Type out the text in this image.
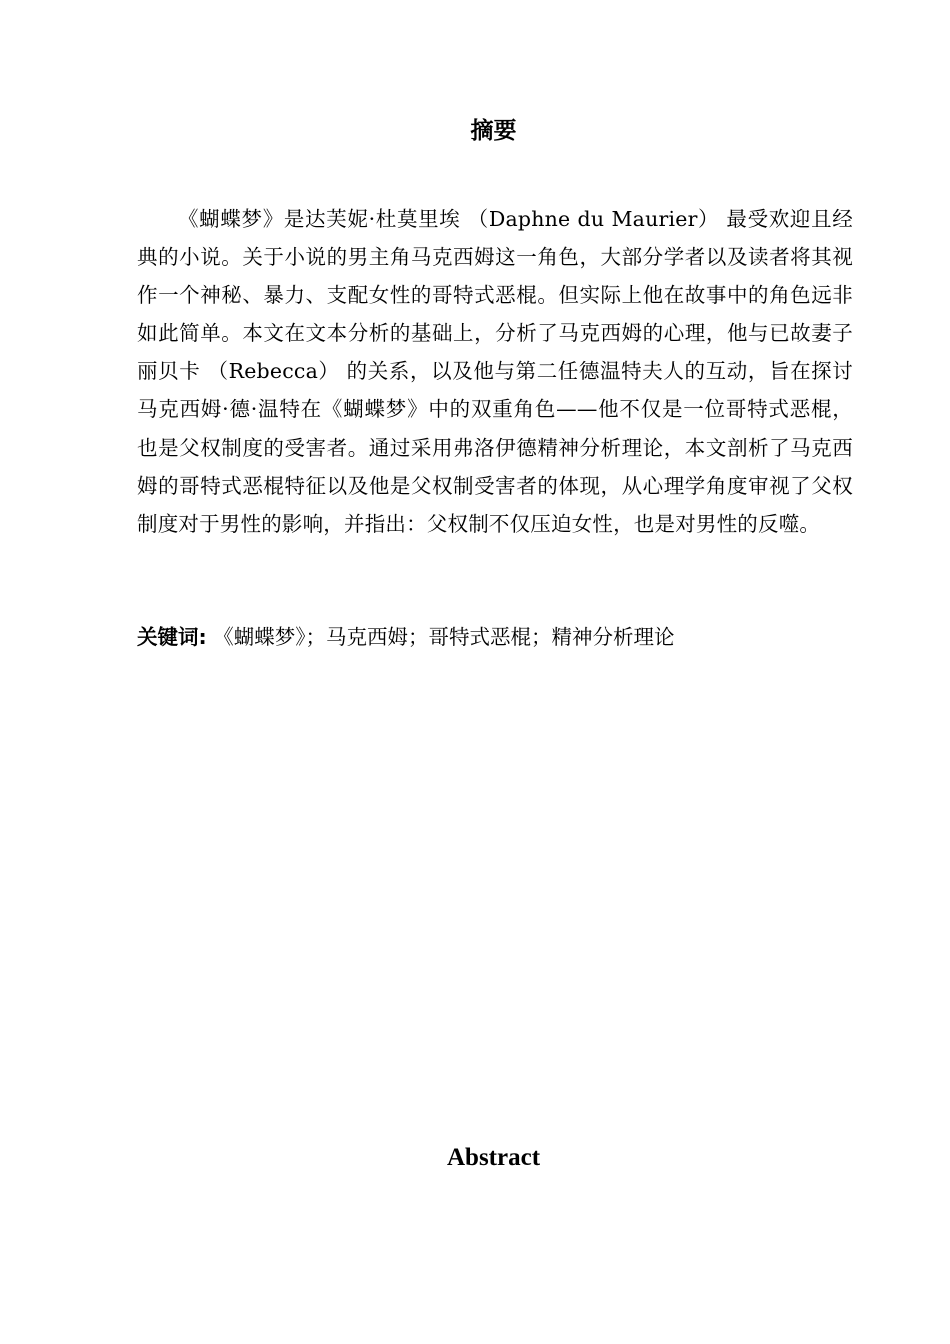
摘要

《蝴蝶梦》是达芙妮·杜莫里埃 （Daphne du Maurier） 最受欢迎且经典的小说。关于小说的男主角马克西姆这一角色，大部分学者以及读者将其视作一个神秘、暴力、支配女性的哥特式恶棍。但实际上他在故事中的角色远非如此简单。本文在文本分析的基础上，分析了马克西姆的心理，他与已故妻子丽贝卡 （Rebecca） 的关系，以及他与第二任德温特夫人的互动，旨在探讨马克西姆·德·温特在《蝴蝶梦》中的双重角色——他不仅是一位哥特式恶棍，也是父权制度的受害者。通过采用弗洛伊德精神分析理论，本文剖析了马克西姆的哥特式恶棍特征以及他是父权制受害者的体现，从心理学角度审视了父权制度对于男性的影响，并指出：父权制不仅压迫女性，也是对男性的反噬。

关键词: 《蝴蝶梦》；马克西姆；哥特式恶棍；精神分析理论

Abstract
